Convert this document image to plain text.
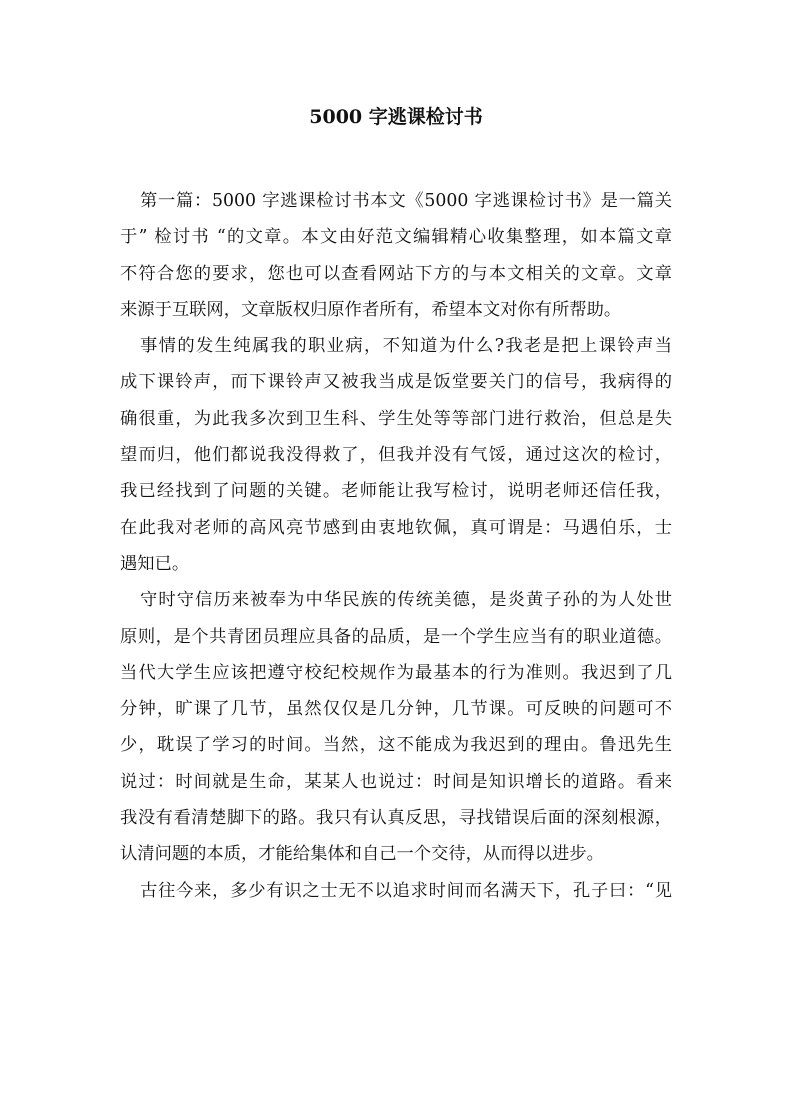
5000 字逃课检讨书
第一篇：5000 字逃课检讨书本文《5000 字逃课检讨书》是一篇关
于” 检讨书 “的文章。本文由好范文编辑精心收集整理，如本篇文章
不符合您的要求，您也可以查看网站下方的与本文相关的文章。文章
来源于互联网，文章版权归原作者所有，希望本文对你有所帮助。
事情的发生纯属我的职业病，不知道为什么?我老是把上课铃声当
成下课铃声，而下课铃声又被我当成是饭堂要关门的信号，我病得的
确很重，为此我多次到卫生科、学生处等等部门进行救治，但总是失
望而归，他们都说我没得救了，但我并没有气馁，通过这次的检讨，
我已经找到了问题的关键。老师能让我写检讨，说明老师还信任我，
在此我对老师的高风亮节感到由衷地钦佩，真可谓是：马遇伯乐，士
遇知已。
守时守信历来被奉为中华民族的传统美德，是炎黄子孙的为人处世
原则，是个共青团员理应具备的品质，是一个学生应当有的职业道德。
当代大学生应该把遵守校纪校规作为最基本的行为准则。我迟到了几
分钟，旷课了几节，虽然仅仅是几分钟，几节课。可反映的问题可不
少，耽误了学习的时间。当然，这不能成为我迟到的理由。鲁迅先生
说过：时间就是生命，某某人也说过：时间是知识增长的道路。看来
我没有看清楚脚下的路。我只有认真反思，寻找错误后面的深刻根源，
认清问题的本质，才能给集体和自己一个交待，从而得以进步。
古往今来，多少有识之士无不以追求时间而名满天下，孔子曰：“见
